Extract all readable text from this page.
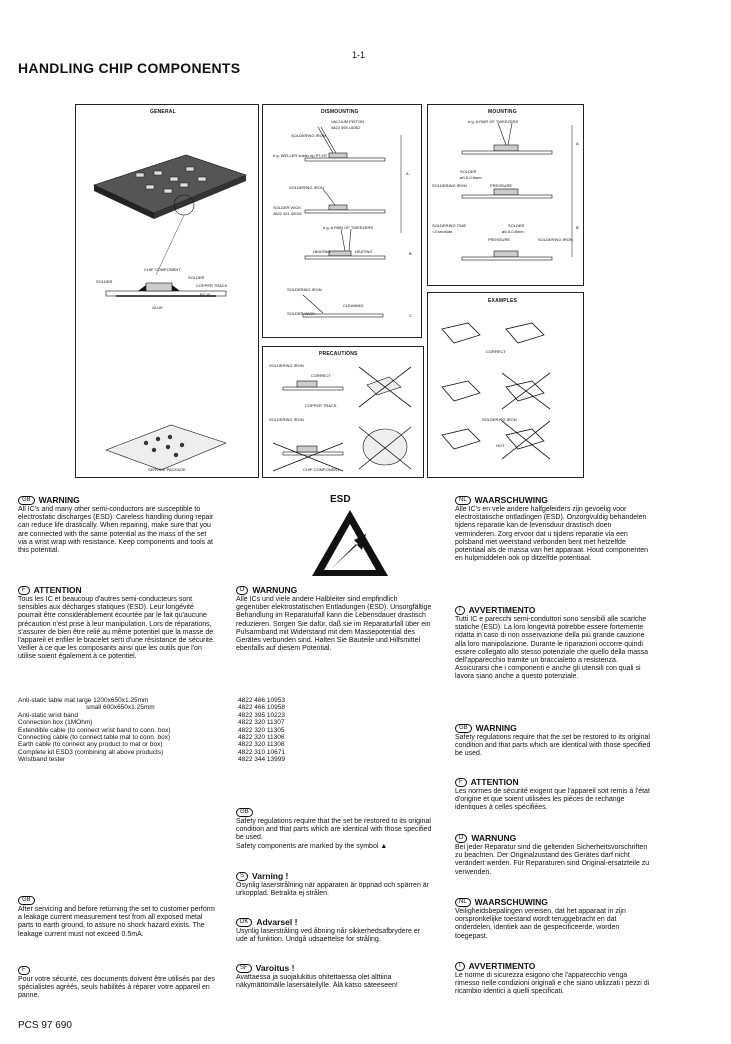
1-1
HANDLING CHIP COMPONENTS
GENERAL
CHIP COMPONENT
SOLDER
SOLDER
COPPER TRACK
P.C.B.
GLUE
SERVICE PACKAGE
DISMOUNTING
VACUUM PISTON
4822 395 10082
SOLDERING IRON
e.g. WELLER solder tip PT-H7
SOLDERING IRON
SOLDER WICK
4822 321 40042
e.g. A PAIR OF TWEEZERS
HEATING	HEATING
SOLDERING IRON
CLEANING
SOLDER WICK
A
B
C
MOUNTING
e.g. A PAIR OF TWEEZERS
SOLDER
ø0.5-0.8mm
SOLDERING IRON	PRESSURE
SOLDERING TIME
<3 sec/side
SOLDER
ø0.5-0.8mm
PRESSURE	SOLDERING IRON
A
B
EXAMPLES
CORRECT
SOLDERING IRON
HOT
PRECAUTIONS
SOLDERING IRON
CORRECT
COPPER TRACK
SOLDERING IRON
CHIP COMPONENT
ESD
GB WARNING

All IC's and many other semi-conductors are susceptible to electrostatic discharges (ESD). Careless handling during repair can reduce life drastically. When repairing, make sure that you are connected with the same potential as the mass of the set via a wrist wrap with resistance. Keep components and tools at this potential.

F ATTENTION

Tous les IC et beaucoup d'autres semi-conducteurs sont sensibles aux décharges statiques (ESD). Leur longévité pourrait être considérablement écourtée par le fait qu'aucune précaution n'est prise à leur manipulation. Lors de réparations, s'assurer de bien être relié au même potentiel que la masse de l'appareil et enfiler le bracelet serti d'une résistance de sécurité. Veiller à ce que les composants ainsi que les outils que l'on utilise soient également à ce potentiel.

Anti-static table mat large 1200x650x1.25mm	4822 466 10953
small 600x650x1.25mm	4822 466 10958
Anti-static wrist band	4822 395 10223
Connection box (1MOhm)	4822 320 11307
Extendible cable (to connect wrist band to conn. box)	4822 320 11305
Connecting cable (to connect table mat to conn. box)	4822 320 11306
Earth cable (to connect any product to mat or box)	4822 320 11308
Complete kit ESD3 (combining all above products)	4822 310 10671
Wristband tester	4822 344 13999
GB

After servicing and before returning the set to customer perform a leakage current measurement test from all exposed metal parts to earth ground, to assure no shock hazard exists. The leakage current must not exceed 0.5mA.

F

Pour votre sécurité, ces documents doivent être utilisés par des spécialistes agréés, seuls habilités à réparer votre appareil en panne.

D WARNUNG

Alle ICs und viele andere Halbleiter sind empfindlich gegenüber elektrostatischen Entladungen (ESD). Unsorgfältige Behandlung im Reparaturfall kann die Lebensdauer drastisch reduzieren. Sorgen Sie dafür, daß sie im Reparaturfall über ein Pulsarmband mit Widerstand mit dem Massepotential des Gerätes verbunden sind. Halten Sie Bauteile und Hilfsmittel ebenfalls auf diesem Potential.

GB

Safety regulations require that the set be restored to its original condition and that parts which are identical with those specified be used.

Safety components are marked by the symbol ▲

S Varning !

Osynlig laserstrålning när apparaten är öppnad och spärren är urkopplad. Betrakta ej strålen.

DK Advarsel !

Usynlig laserstråling ved åbning når sikkerhedsafbrydere er ude af funktion. Undgå udsaettelse for stråling.

SF Varoitus !

Avattaessa ja suojalukitus ohitettaessa olet alttiina näkymättömälle lasersäteilylle. Älä katso säteeseen!

NL WAARSCHUWING

Alle IC's en vele andere halfgeleiders zijn gevoelig voor electrostatische ontladingen (ESD). Onzorgvuldig behandelen tijdens reparatie kan de levensduur drastisch doen verminderen. Zorg ervoor dat u tijdens reparatie via een polsband met weerstand verbonden bent met hetzelfde potentiaal als de massa van het apparaat. Houd componenten en hulpmiddelen ook op ditzelfde potentiaal.

I AVVERTIMENTO

Tutti IC e parecchi semi-conduttori sono sensibili alle scariche statiche (ESD). La loro longevità potrebbe essere fortemente ridatta in caso di non osservazione della più grande cauzione alla loro manipolazione. Durante le riparazioni occorre quindi essere collegato allo stesso potenziale che quello della massa dell'apparecchio tramite un braccialetto a resistenza. Assicurarsi che i componenti e anche gli utensili con quali si lavora siano anche a questo potenziale.

GB WARNING

Safety regulations require that the set be restored to its original condition and that parts which are identical with those specified be used.

F ATTENTION

Les normes de sécurité exigent que l'appareil soit remis à l'état d'origine et que soient utilisées les pièces de rechange identiques à celles spécifiées.

D WARNUNG

Bei jeder Reparatur sind die geltenden Sicherheitsvorschriften zu beachten. Der Originalzustand des Gerätes darf nicht verändert werden. Für Reparaturen sind Original-ersatzteile zu verwenden.

NL WAARSCHUWING

Veiligheidsbepalingen vereisen, dat het apparaat in zijn oorspronkelijke toestand wordt teruggebracht en dat onderdelen, identiek aan de gespecificeerde, worden toegepast.

I AVVERTIMENTO

Le norme di sicurezza esigono che l'apparecchio venga rimesso nelle condizioni originali e che siano utilizzati i pezzi di ricambio identici a quelli specificati.

PCS 97 690
